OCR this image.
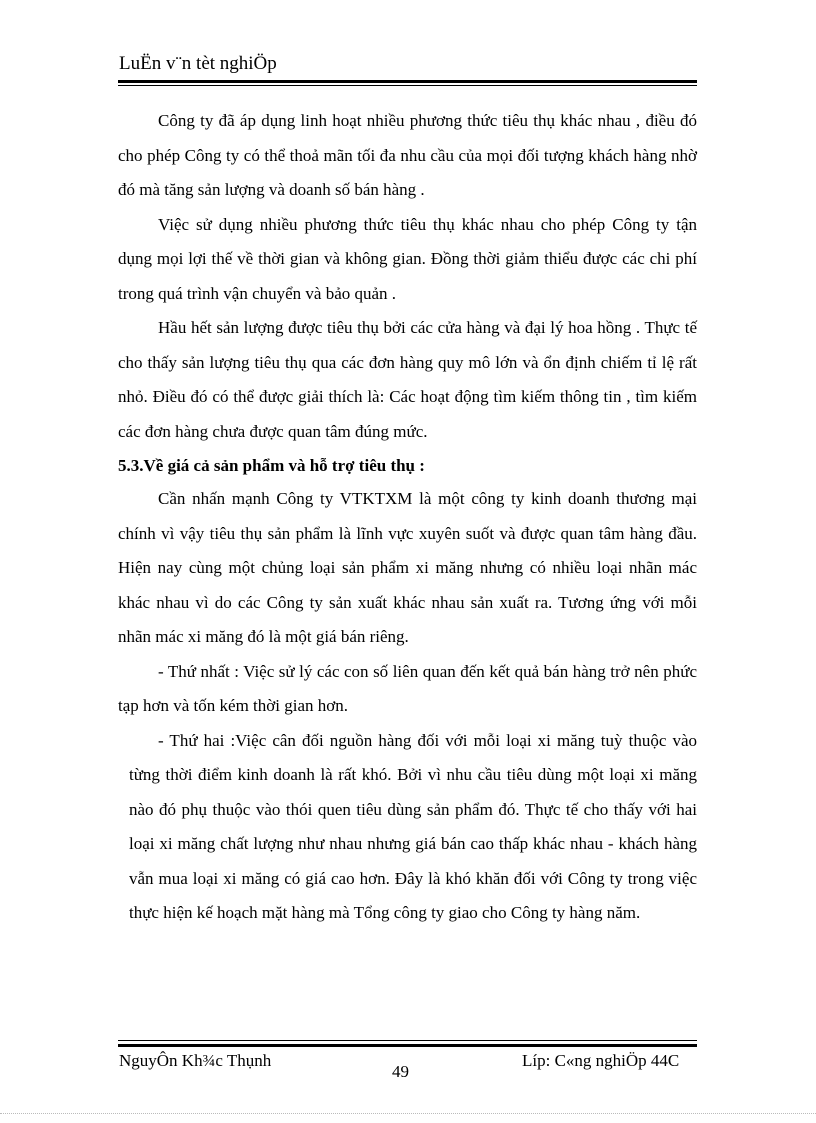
LuËn v¨n tèt nghiÖp

Công ty đã áp dụng linh hoạt nhiều phương thức tiêu thụ khác nhau , điều đó cho phép Công ty có thể thoả mãn tối đa nhu cầu của mọi đối tượng khách hàng nhờ đó mà tăng sản lượng và doanh số bán hàng .

Việc sử dụng nhiều phương thức tiêu thụ khác nhau cho phép Công ty tận dụng mọi lợi thế về thời gian và không gian. Đồng thời giảm thiểu được các chi phí trong quá trình vận chuyển và bảo quản .

Hầu hết sản lượng được tiêu thụ bởi các cửa hàng và đại lý hoa hồng . Thực tế cho thấy sản lượng tiêu thụ qua các đơn hàng quy mô lớn và ổn định chiếm tỉ lệ rất nhỏ. Điều đó có thể được giải thích là: Các hoạt động tìm kiếm thông tin , tìm kiếm các đơn hàng chưa được quan tâm đúng mức.

5.3.Về giá cả sản phẩm và hỗ trợ tiêu thụ :

Cần nhấn mạnh Công ty VTKTXM là một công ty kinh doanh thương mại chính vì vậy tiêu thụ sản phẩm là lĩnh vực xuyên suốt và được quan tâm hàng đầu. Hiện nay cùng một chủng loại sản phẩm xi măng nhưng có nhiều loại nhãn mác khác nhau vì do các Công ty sản xuất khác nhau sản xuất ra. Tương ứng với mỗi nhãn mác xi măng đó là một giá bán riêng.

- Thứ nhất : Việc sử lý các con số liên quan đến kết quả bán hàng trở nên phức tạp hơn và tốn kém thời gian hơn.

- Thứ hai :Việc cân đối nguồn hàng đối với mỗi loại xi măng tuỳ thuộc vào từng thời điểm kinh doanh là rất khó. Bởi vì nhu cầu tiêu dùng một loại xi măng nào đó phụ thuộc vào thói quen tiêu dùng sản phẩm đó. Thực tế cho thấy với hai loại xi măng chất lượng như nhau nhưng giá bán cao thấp khác nhau - khách hàng vẫn mua loại xi măng có giá cao hơn. Đây là khó khăn đối với Công ty trong việc thực hiện kế hoạch mặt hàng mà Tổng công ty giao cho Công ty hàng năm.

NguyÔn Kh¾c Thụnh
49
Líp: C«ng nghiÖp 44C
